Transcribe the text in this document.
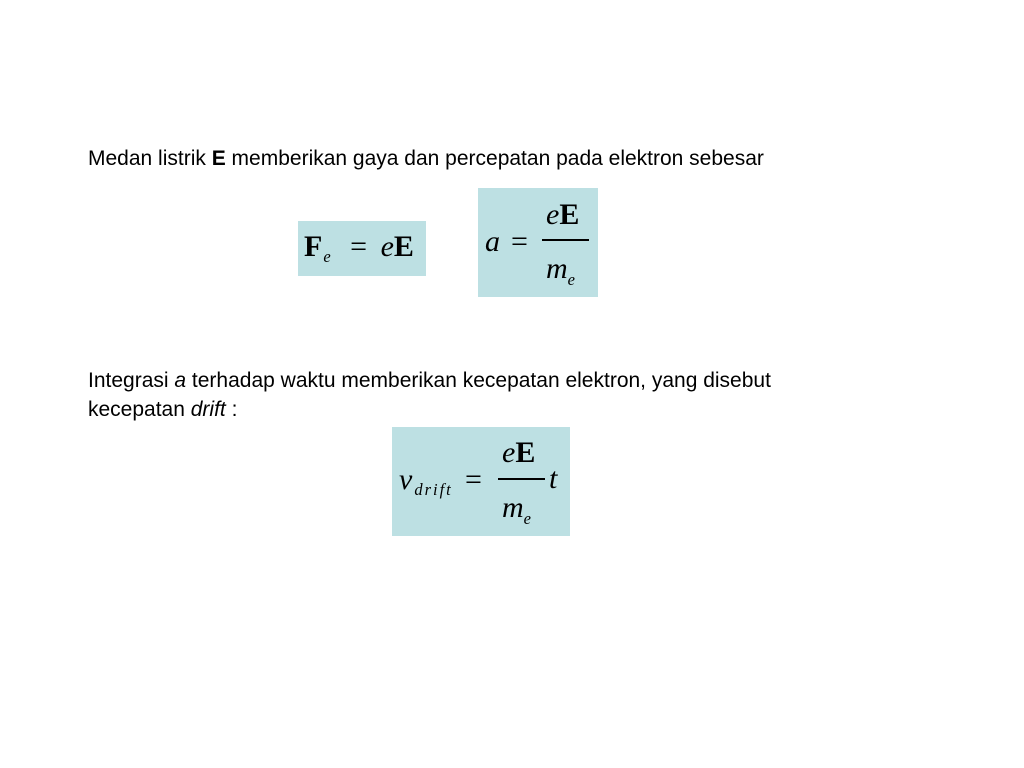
Medan listrik E memberikan gaya dan percepatan pada elektron sebesar
$F_e$ = eE a =
eE
$m_e$
Integrasi a terhadap waktu memberikan kecepatan elektron, yang disebut
kecepatan drift :
v $_{drift}$ =
eE
$m_e$
t
